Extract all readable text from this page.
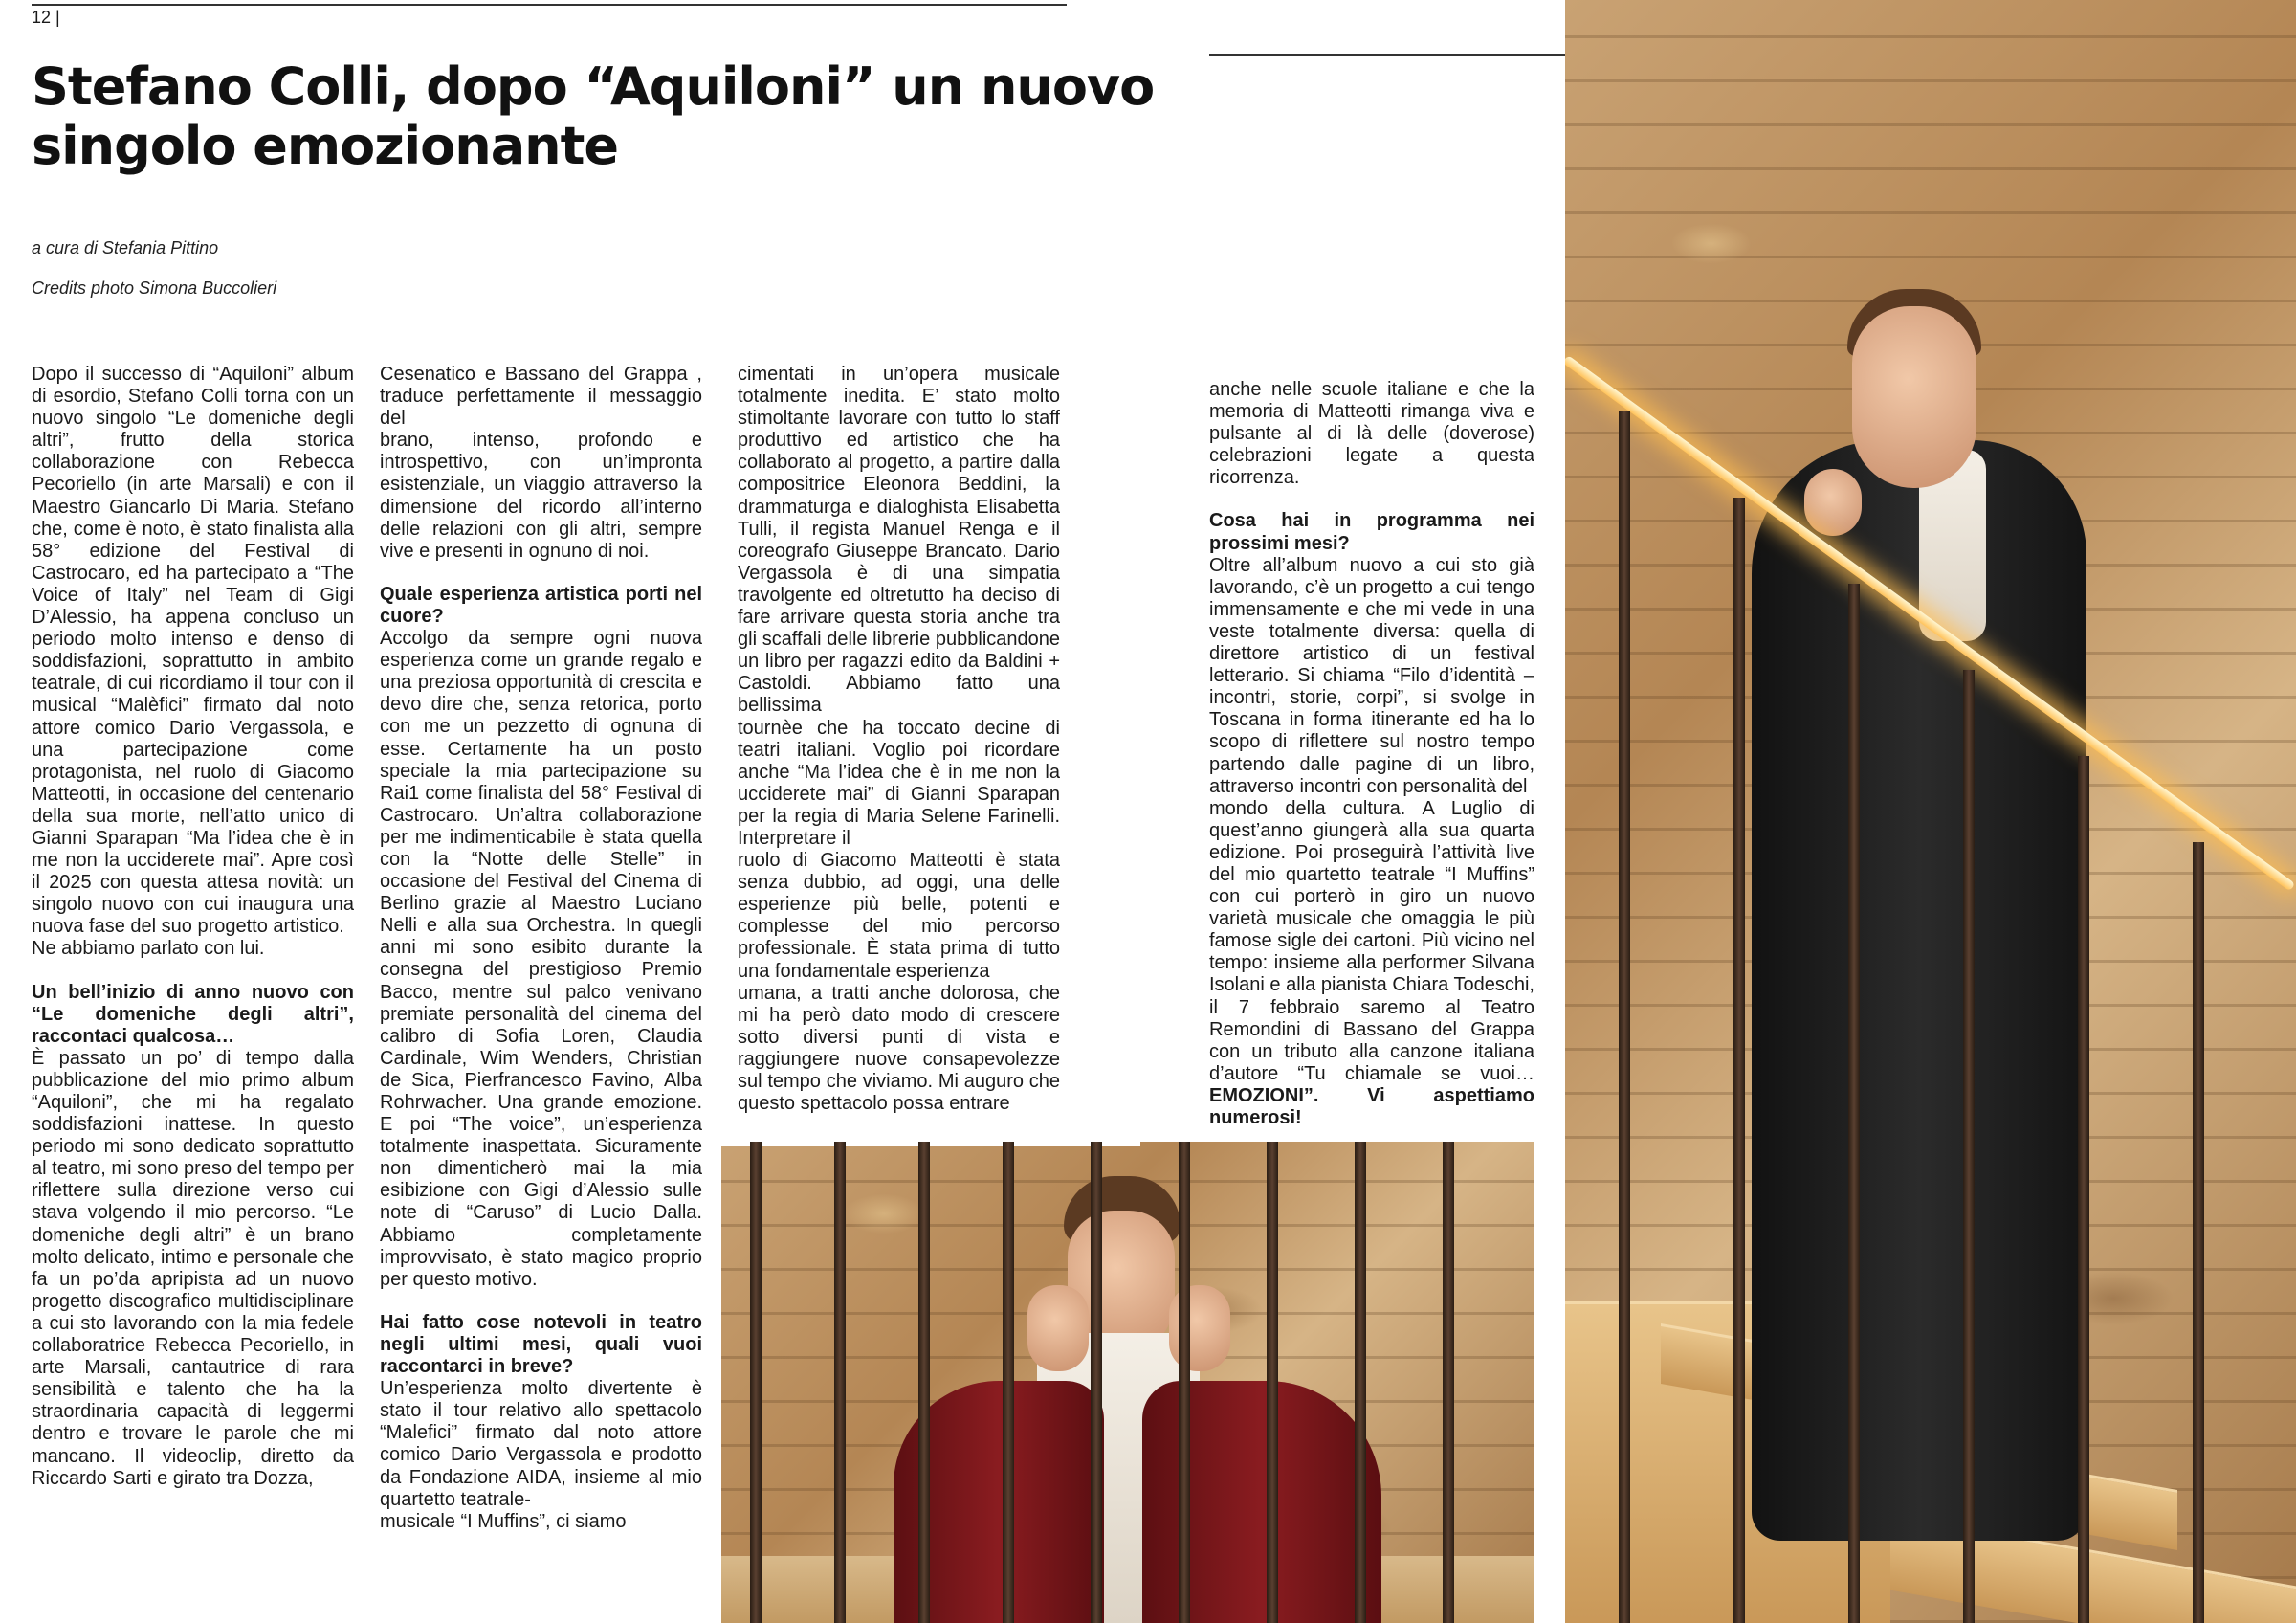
12 |
Stefano Colli, dopo “Aquiloni” un nuovo singolo emozionante
a cura di Stefania Pittino
Credits photo Simona Buccolieri

Dopo il successo di “Aquiloni” album di esordio, Stefano Colli torna con un nuovo singolo “Le domeniche degli altri”, frutto della storica collaborazione con Rebecca Pecoriello (in arte Marsali) e con il Maestro Giancarlo Di Maria. Stefano che, come è noto, è stato finalista alla 58° edizione del Festival di Castrocaro, ed ha partecipato a “The Voice of Italy” nel Team di Gigi D’Alessio, ha appena concluso un periodo molto intenso e denso di soddisfazioni, soprattutto in ambito teatrale, di cui ricordiamo il tour con il musical “Malèfici” firmato dal noto attore comico Dario Vergassola, e una partecipazione come protagonista, nel ruolo di Giacomo Matteotti, in occasione del centenario della sua morte, nell’atto unico di Gianni Sparapan “Ma l’idea che è in me non la ucciderete mai”. Apre così il 2025 con questa attesa novità: un singolo nuovo con cui inaugura una nuova fase del suo progetto artistico.

Ne abbiamo parlato con lui.

Un bell’inizio di anno nuovo con “Le domeniche degli altri”, raccontaci qualcosa…

È passato un po’ di tempo dalla pubblicazione del mio primo album “Aquiloni”, che mi ha regalato soddisfazioni inattese. In questo periodo mi sono dedicato soprattutto al teatro, mi sono preso del tempo per riflettere sulla direzione verso cui stava volgendo il mio percorso. “Le domeniche degli altri” è un brano molto delicato, intimo e personale che fa un po’da apripista ad un nuovo progetto discografico multidisciplinare a cui sto lavorando con la mia fedele collaboratrice Rebecca Pecoriello, in arte Marsali, cantautrice di rara sensibilità e talento che ha la straordinaria capacità di leggermi dentro e trovare le parole che mi mancano. Il videoclip, diretto da Riccardo Sarti e girato tra Dozza,

Cesenatico e Bassano del Grappa , traduce perfettamente il messaggio del

brano, intenso, profondo e introspettivo, con un’impronta esistenziale, un viaggio attraverso la dimensione del ricordo all’interno delle relazioni con gli altri, sempre vive e presenti in ognuno di noi.

Quale esperienza artistica porti nel cuore?

Accolgo da sempre ogni nuova esperienza come un grande regalo e una preziosa opportunità di crescita e devo dire che, senza retorica, porto con me un pezzetto di ognuna di esse. Certamente ha un posto speciale la mia partecipazione su Rai1 come finalista del 58° Festival di Castrocaro. Un’altra collaborazione per me indimenticabile è stata quella con la “Notte delle Stelle” in occasione del Festival del Cinema di Berlino grazie al Maestro Luciano Nelli e alla sua Orchestra. In quegli anni mi sono esibito durante la consegna del prestigioso Premio Bacco, mentre sul palco venivano premiate personalità del cinema del calibro di Sofia Loren, Claudia Cardinale, Wim Wenders, Christian de Sica, Pierfrancesco Favino, Alba Rohrwacher. Una grande emozione. E poi “The voice”, un’esperienza totalmente inaspettata. Sicuramente non dimenticherò mai la mia esibizione con Gigi d’Alessio sulle note di “Caruso” di Lucio Dalla. Abbiamo completamente improvvisato, è stato magico proprio per questo motivo.

Hai fatto cose notevoli in teatro negli ultimi mesi, quali vuoi raccontarci in breve?

Un’esperienza molto divertente è stato il tour relativo allo spettacolo “Malefici” firmato dal noto attore comico Dario Vergassola e prodotto da Fondazione AIDA, insieme al mio quartetto teatrale-

musicale “I Muffins”, ci siamo

cimentati in un’opera musicale totalmente inedita. E’ stato molto stimoltante lavorare con tutto lo staff produttivo ed artistico che ha collaborato al progetto, a partire dalla compositrice Eleonora Beddini, la drammaturga e dialoghista Elisabetta Tulli, il regista Manuel Renga e il coreografo Giuseppe Brancato. Dario Vergassola è di una simpatia travolgente ed oltretutto ha deciso di fare arrivare questa storia anche tra gli scaffali delle librerie pubblicandone un libro per ragazzi edito da Baldini + Castoldi. Abbiamo fatto una bellissima

tournèe che ha toccato decine di teatri italiani. Voglio poi ricordare anche “Ma l’idea che è in me non la ucciderete mai” di Gianni Sparapan per la regia di Maria Selene Farinelli. Interpretare il

ruolo di Giacomo Matteotti è stata senza dubbio, ad oggi, una delle esperienze più belle, potenti e complesse del mio percorso professionale. È stata prima di tutto una fondamentale esperienza

umana, a tratti anche dolorosa, che mi ha però dato modo di crescere sotto diversi punti di vista e raggiungere nuove consapevolezze sul tempo che viviamo. Mi auguro che questo spettacolo possa entrare

anche nelle scuole italiane e che la memoria di Matteotti rimanga viva e pulsante al di là delle (doverose) celebrazioni legate a questa ricorrenza.

Cosa hai in programma nei prossimi mesi?

Oltre all’album nuovo a cui sto già lavorando, c’è un progetto a cui tengo immensamente e che mi vede in una veste totalmente diversa: quella di direttore artistico di un festival letterario. Si chiama “Filo d’identità – incontri, storie, corpi”, si svolge in Toscana in forma itinerante ed ha lo scopo di riflettere sul nostro tempo partendo dalle pagine di un libro, attraverso incontri con personalità del

mondo della cultura. A Luglio di quest’anno giungerà alla sua quarta edizione. Poi proseguirà l’attività live del mio quartetto teatrale “I Muffins” con cui porterò in giro un nuovo varietà musicale che omaggia le più famose sigle dei cartoni. Più vicino nel tempo: insieme alla performer Silvana Isolani e alla pianista Chiara Todeschi, il 7 febbraio saremo al Teatro Remondini di Bassano del Grappa con un tributo alla canzone italiana d’autore “Tu chiamale se vuoi… EMOZIONI”. Vi aspettiamo numerosi!
